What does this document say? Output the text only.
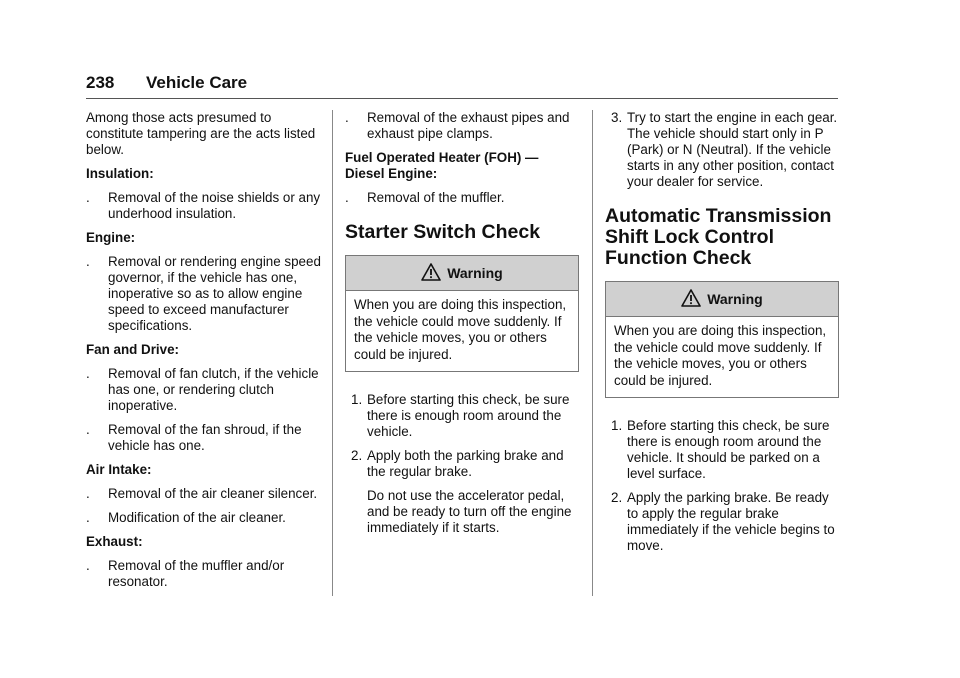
238 Vehicle Care

Among those acts presumed to constitute tampering are the acts listed below.

Insulation:
. Removal of the noise shields or any underhood insulation.
Engine:
. Removal or rendering engine speed governor, if the vehicle has one, inoperative so as to allow engine speed to exceed manufacturer specifications.
Fan and Drive:
. Removal of fan clutch, if the vehicle has one, or rendering clutch inoperative.
. Removal of the fan shroud, if the vehicle has one.
Air Intake:
. Removal of the air cleaner silencer.
. Modification of the air cleaner.
Exhaust:
. Removal of the muffler and/or resonator.
. Removal of the exhaust pipes and exhaust pipe clamps.
Fuel Operated Heater (FOH) — Diesel Engine:
. Removal of the muffler.
Starter Switch Check
Warning
When you are doing this inspection, the vehicle could move suddenly. If the vehicle moves, you or others could be injured.
1. Before starting this check, be sure there is enough room around the vehicle.
2. Apply both the parking brake and the regular brake.
Do not use the accelerator pedal, and be ready to turn off the engine immediately if it starts.
3. Try to start the engine in each gear. The vehicle should start only in P (Park) or N (Neutral). If the vehicle starts in any other position, contact your dealer for service.
Automatic Transmission Shift Lock Control Function Check
Warning
When you are doing this inspection, the vehicle could move suddenly. If the vehicle moves, you or others could be injured.
1. Before starting this check, be sure there is enough room around the vehicle. It should be parked on a level surface.
2. Apply the parking brake. Be ready to apply the regular brake immediately if the vehicle begins to move.
